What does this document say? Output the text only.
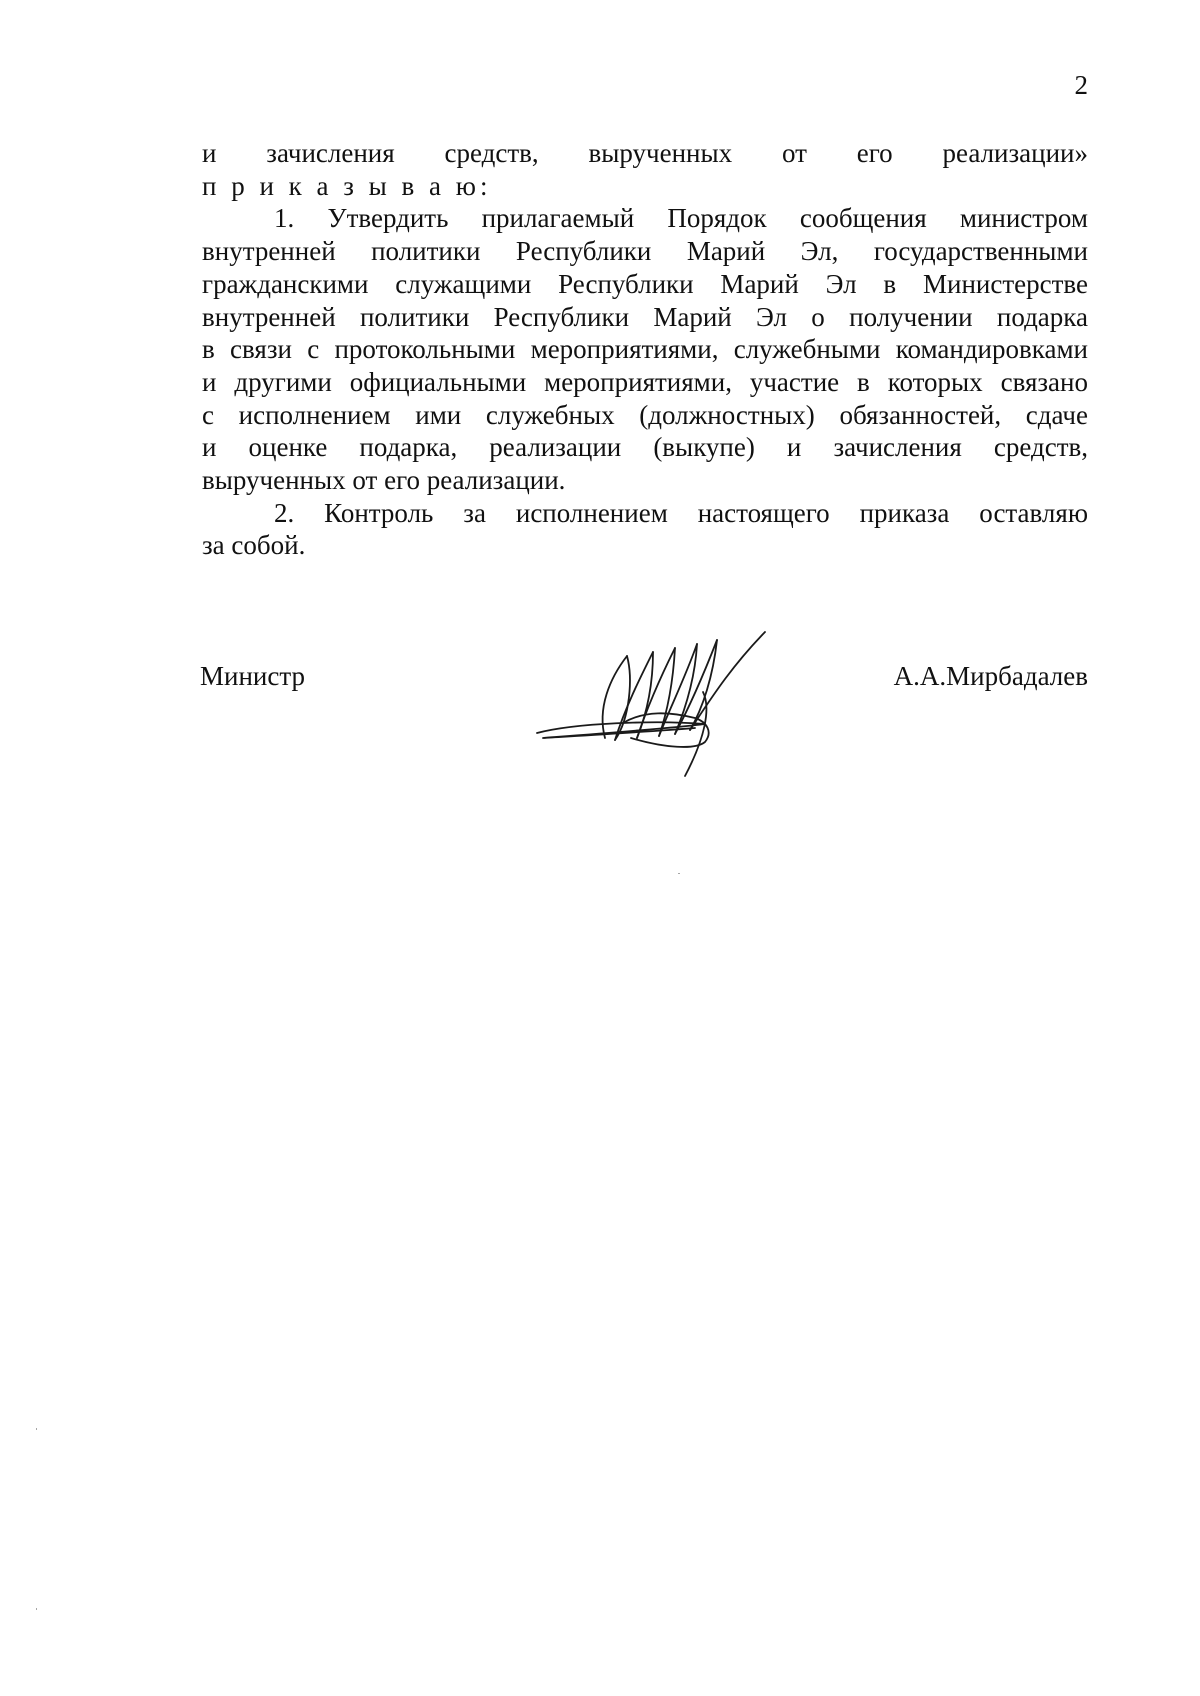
2
и зачисления средств, вырученных от его реализации»
п р и к а з ы в а ю:
1. Утвердить прилагаемый Порядок сообщения министром
внутренней политики Республики Марий Эл, государственными
гражданскими служащими Республики Марий Эл в Министерстве
внутренней политики Республики Марий Эл о получении подарка
в связи с протокольными мероприятиями, служебными командировками
и другими официальными мероприятиями, участие в которых связано
с исполнением ими служебных (должностных) обязанностей, сдаче
и оценке подарка, реализации (выкупе) и зачисления средств,
вырученных от его реализации.
2. Контроль за исполнением настоящего приказа оставляю
за собой.
Министр	А.А.Мирбадалев
